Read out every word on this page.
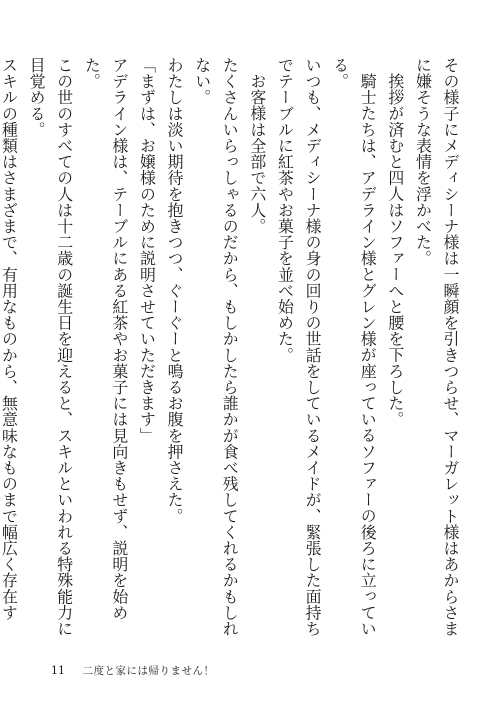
その様子にメディシーナ様は一瞬顔を引きつらせ、マーガレット様はあからさまに嫌そうな表情を浮かべた。

挨拶が済むと四人はソファーへと腰を下ろした。

騎士たちは、アデライン様とグレン様が座っているソファーの後ろに立っている。

いつも、メディシーナ様の身の回りの世話をしているメイドが、緊張した面持ちでテーブルに紅茶やお菓子を並べ始めた。

お客様は全部で六人。

たくさんいらっしゃるのだから、もしかしたら誰かが食べ残してくれるかもしれない。

わたしは淡い期待を抱きつつ、ぐーぐーと鳴るお腹を押さえた。

「まずは、お嬢様のために説明させていただきます」

アデライン様は、テーブルにある紅茶やお菓子には見向きもせず、説明を始めた。

この世のすべての人は十二歳の誕生日を迎えると、スキルといわれる特殊能力に目覚める。

スキルの種類はさまざまで、有用なものから、無意味なものまで幅広く存在す

11 二度と家には帰りません！
